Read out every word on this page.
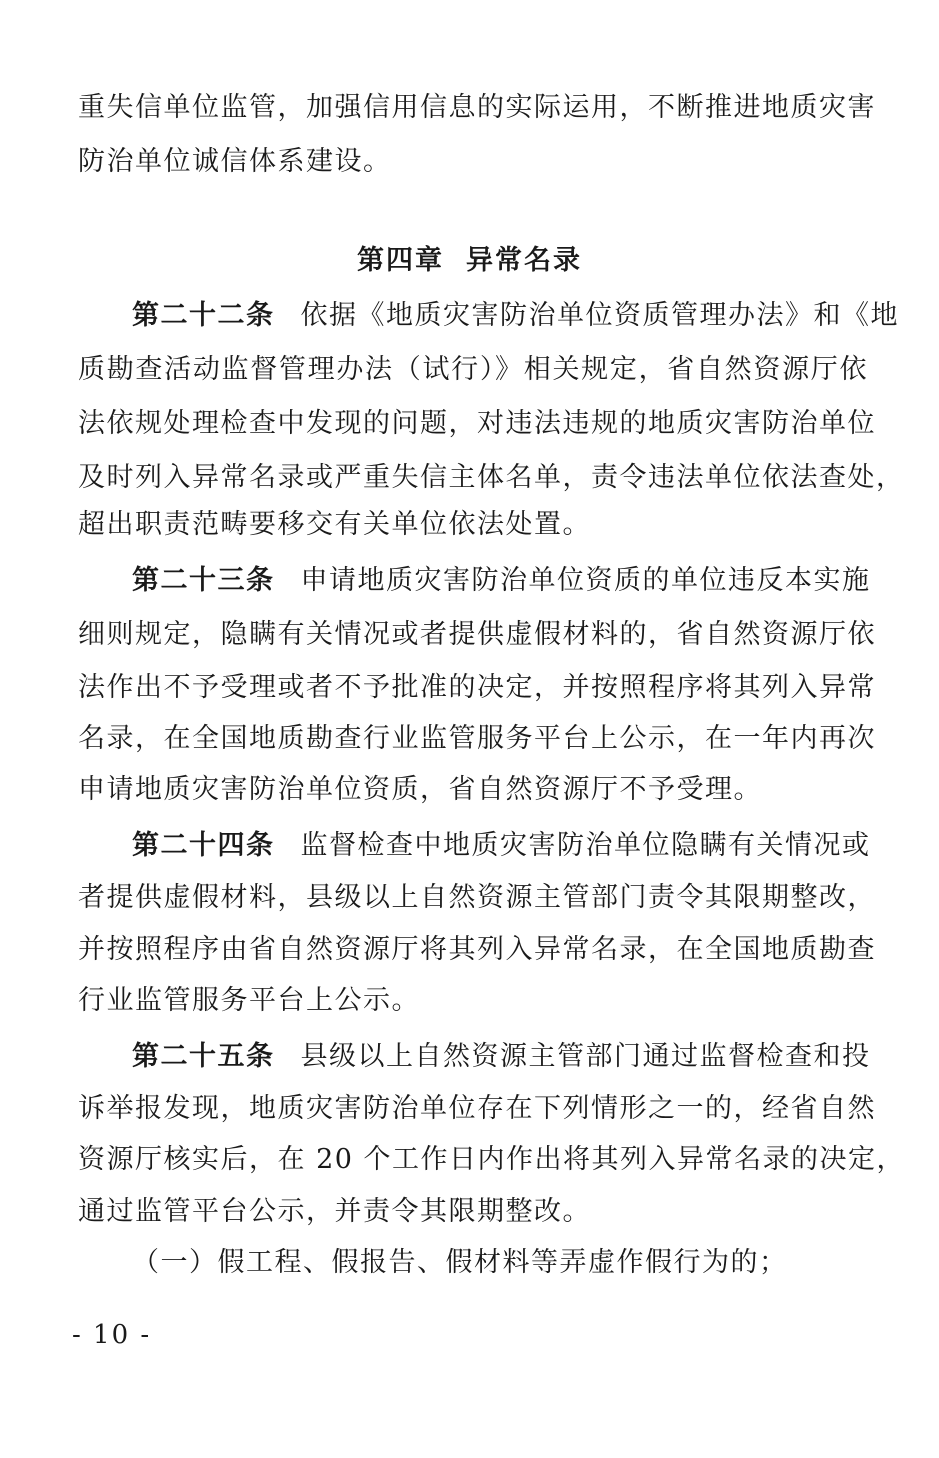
重失信单位监管，加强信用信息的实际运用，不断推进地质灾害
防治单位诚信体系建设。
第四章 异常名录
第二十二条 依据《地质灾害防治单位资质管理办法》和《地
质勘查活动监督管理办法（试行）》相关规定，省自然资源厅依
法依规处理检查中发现的问题，对违法违规的地质灾害防治单位
及时列入异常名录或严重失信主体名单，责令违法单位依法查处，
超出职责范畴要移交有关单位依法处置。
第二十三条 申请地质灾害防治单位资质的单位违反本实施
细则规定，隐瞒有关情况或者提供虚假材料的，省自然资源厅依
法作出不予受理或者不予批准的决定，并按照程序将其列入异常
名录，在全国地质勘查行业监管服务平台上公示，在一年内再次
申请地质灾害防治单位资质，省自然资源厅不予受理。
第二十四条 监督检查中地质灾害防治单位隐瞒有关情况或
者提供虚假材料，县级以上自然资源主管部门责令其限期整改，
并按照程序由省自然资源厅将其列入异常名录，在全国地质勘查
行业监管服务平台上公示。
第二十五条 县级以上自然资源主管部门通过监督检查和投
诉举报发现，地质灾害防治单位存在下列情形之一的，经省自然
资源厅核实后，在 20 个工作日内作出将其列入异常名录的决定，
通过监管平台公示，并责令其限期整改。
（一）假工程、假报告、假材料等弄虚作假行为的；
- 10 -
